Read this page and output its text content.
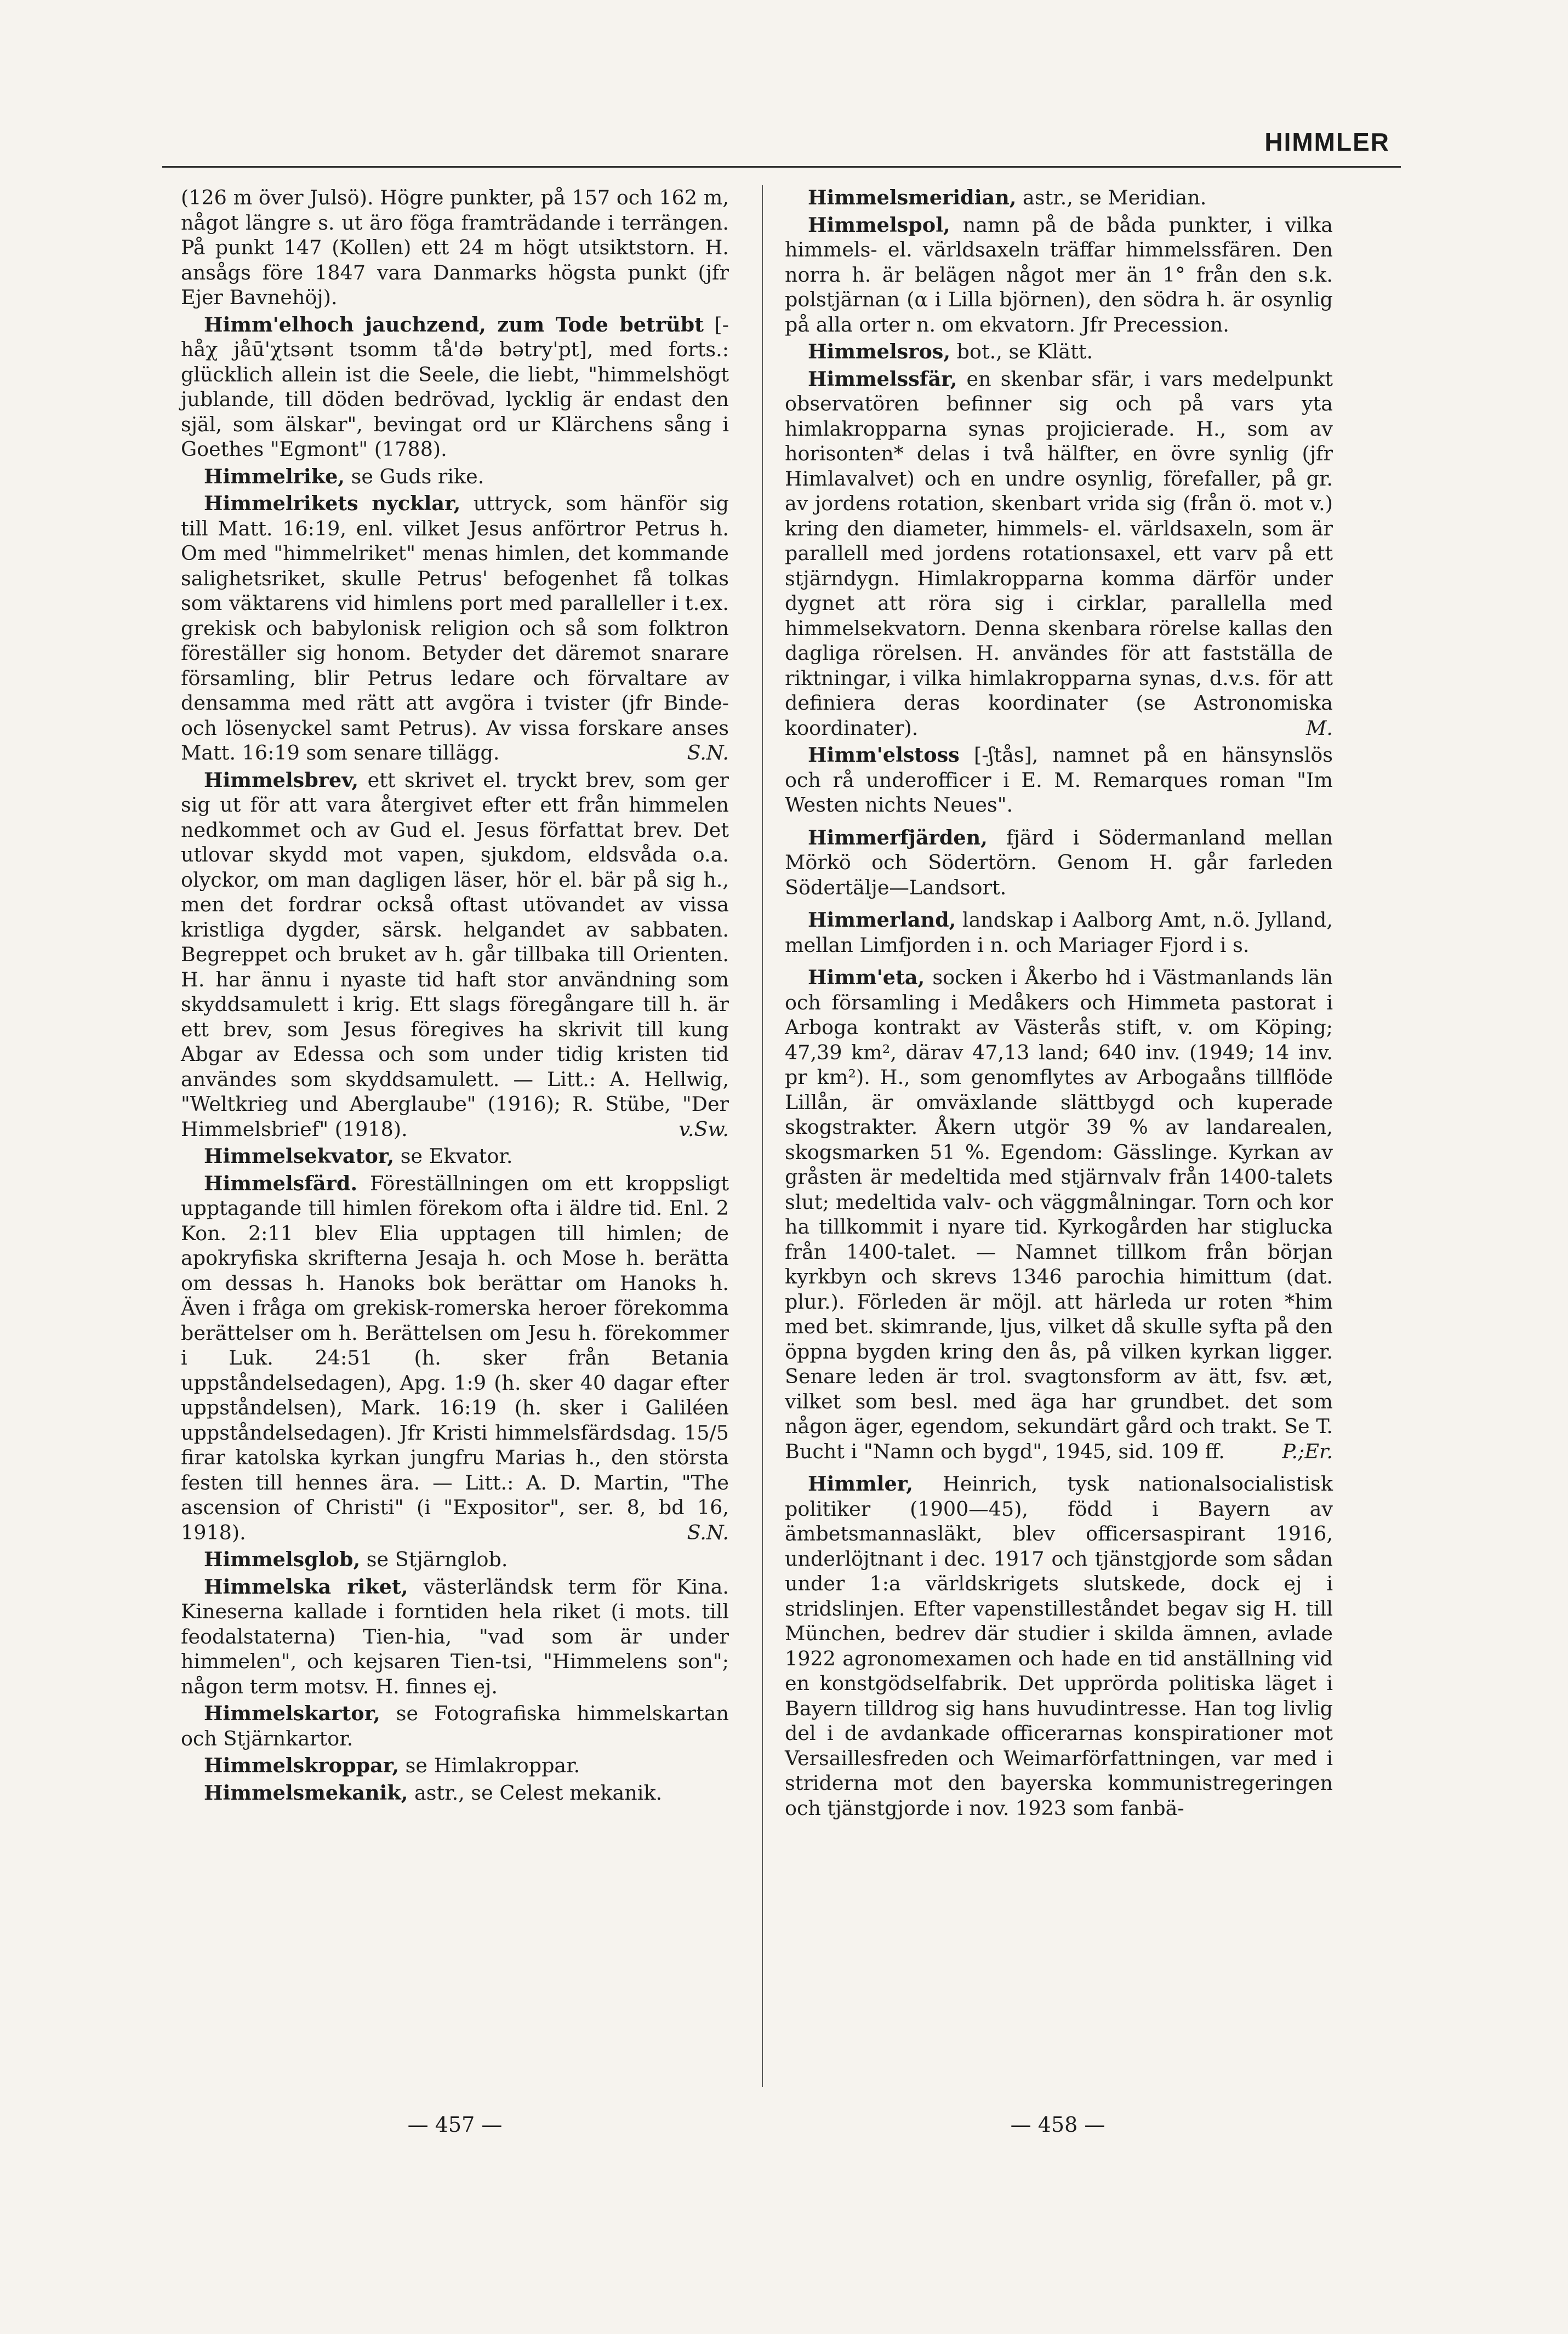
HIMMLER

(126 m över Julsö). Högre punkter, på 157 och 162 m, något längre s. ut äro föga framträdande i terrängen. På punkt 147 (Kollen) ett 24 m högt utsiktstorn. H. ansågs före 1847 vara Danmarks högsta punkt (jfr Ejer Bavnehöj).

Himm'elhoch jauchzend, zum Tode betrübt [-håχ jåū'χtsənt tsomm tå'də bətry'pt], med forts.: glücklich allein ist die Seele, die liebt, "himmelshögt jublande, till döden bedrövad, lycklig är endast den själ, som älskar", bevingat ord ur Klärchens sång i Goethes "Egmont" (1788).

Himmelrike, se Guds rike.

Himmelrikets nycklar, uttryck, som hänför sig till Matt. 16:19, enl. vilket Jesus anförtror Petrus h. Om med "himmelriket" menas himlen, det kommande salighetsriket, skulle Petrus' befogenhet få tolkas som väktarens vid himlens port med paralleller i t.ex. grekisk och babylonisk religion och så som folktron föreställer sig honom. Betyder det däremot snarare församling, blir Petrus ledare och förvaltare av densamma med rätt att avgöra i tvister (jfr Binde- och lösenyckel samt Petrus). Av vissa forskare anses Matt. 16:19 som senare tillägg.	S.N.

Himmelsbrev, ett skrivet el. tryckt brev, som ger sig ut för att vara återgivet efter ett från himmelen nedkommet och av Gud el. Jesus författat brev. Det utlovar skydd mot vapen, sjukdom, eldsvåda o.a. olyckor, om man dagligen läser, hör el. bär på sig h., men det fordrar också oftast utövandet av vissa kristliga dygder, särsk. helgandet av sabbaten. Begreppet och bruket av h. går tillbaka till Orienten. H. har ännu i nyaste tid haft stor användning som skyddsamulett i krig. Ett slags föregångare till h. är ett brev, som Jesus föregives ha skrivit till kung Abgar av Edessa och som under tidig kristen tid användes som skyddsamulett. — Litt.: A. Hellwig, "Weltkrieg und Aberglaube" (1916); R. Stübe, "Der Himmelsbrief" (1918).	v.Sw.

Himmelsekvator, se Ekvator.

Himmelsfärd. Föreställningen om ett kroppsligt upptagande till himlen förekom ofta i äldre tid. Enl. 2 Kon. 2:11 blev Elia upptagen till himlen; de apokryfiska skrifterna Jesaja h. och Mose h. berätta om dessas h. Hanoks bok berättar om Hanoks h. Även i fråga om grekisk-romerska heroer förekomma berättelser om h. Berättelsen om Jesu h. förekommer i Luk. 24:51 (h. sker från Betania uppståndelsedagen), Apg. 1:9 (h. sker 40 dagar efter uppståndelsen), Mark. 16:19 (h. sker i Galiléen uppståndelsedagen). Jfr Kristi himmelsfärdsdag. 15/5 firar katolska kyrkan jungfru Marias h., den största festen till hennes ära. — Litt.: A. D. Martin, "The ascension of Christi" (i "Expositor", ser. 8, bd 16, 1918).	S.N.

Himmelsglob, se Stjärnglob.

Himmelska riket, västerländsk term för Kina. Kineserna kallade i forntiden hela riket (i mots. till feodalstaterna) Tien-hia, "vad som är under himmelen", och kejsaren Tien-tsi, "Himmelens son"; någon term motsv. H. finnes ej.

Himmelskartor, se Fotografiska himmelskartan och Stjärnkartor.

Himmelskroppar, se Himlakroppar.

Himmelsmekanik, astr., se Celest mekanik.

Himmelsmeridian, astr., se Meridian.

Himmelspol, namn på de båda punkter, i vilka himmels- el. världsaxeln träffar himmelssfären. Den norra h. är belägen något mer än 1° från den s.k. polstjärnan (α i Lilla björnen), den södra h. är osynlig på alla orter n. om ekvatorn. Jfr Precession.

Himmelsros, bot., se Klätt.

Himmelssfär, en skenbar sfär, i vars medelpunkt observatören befinner sig och på vars yta himlakropparna synas projicierade. H., som av horisonten* delas i två hälfter, en övre synlig (jfr Himlavalvet) och en undre osynlig, förefaller, på gr. av jordens rotation, skenbart vrida sig (från ö. mot v.) kring den diameter, himmels- el. världsaxeln, som är parallell med jordens rotationsaxel, ett varv på ett stjärndygn. Himlakropparna komma därför under dygnet att röra sig i cirklar, parallella med himmelsekvatorn. Denna skenbara rörelse kallas den dagliga rörelsen. H. användes för att fastställa de riktningar, i vilka himlakropparna synas, d.v.s. för att definiera deras koordinater (se Astronomiska koordinater).	M.

Himm'elstoss [-ʃtås], namnet på en hänsynslös och rå underofficer i E. M. Remarques roman "Im Westen nichts Neues".

Himmerfjärden, fjärd i Södermanland mellan Mörkö och Södertörn. Genom H. går farleden Södertälje—Landsort.

Himmerland, landskap i Aalborg Amt, n.ö. Jylland, mellan Limfjorden i n. och Mariager Fjord i s.

Himm'eta, socken i Åkerbo hd i Västmanlands län och församling i Medåkers och Himmeta pastorat i Arboga kontrakt av Västerås stift, v. om Köping; 47,39 km², därav 47,13 land; 640 inv. (1949; 14 inv. pr km²). H., som genomflytes av Arbogaåns tillflöde Lillån, är omväxlande slättbygd och kuperade skogstrakter. Åkern utgör 39 % av landarealen, skogsmarken 51 %. Egendom: Gässlinge. Kyrkan av gråsten är medeltida med stjärnvalv från 1400-talets slut; medeltida valv- och väggmålningar. Torn och kor ha tillkommit i nyare tid. Kyrkogården har stiglucka från 1400-talet. — Namnet tillkom från början kyrkbyn och skrevs 1346 parochia himittum (dat. plur.). Förleden är möjl. att härleda ur roten *him med bet. skimrande, ljus, vilket då skulle syfta på den öppna bygden kring den ås, på vilken kyrkan ligger. Senare leden är trol. svagtonsform av ätt, fsv. æt, vilket som besl. med äga har grundbet. det som någon äger, egendom, sekundärt gård och trakt. Se T. Bucht i "Namn och bygd", 1945, sid. 109 ff.	P.;Er.

Himmler, Heinrich, tysk nationalsocialistisk politiker (1900—45), född i Bayern av ämbetsmannasläkt, blev officersaspirant 1916, underlöjtnant i dec. 1917 och tjänstgjorde som sådan under 1:a världskrigets slutskede, dock ej i stridslinjen. Efter vapenstilleståndet begav sig H. till München, bedrev där studier i skilda ämnen, avlade 1922 agronomexamen och hade en tid anställning vid en konstgödselfabrik. Det upprörda politiska läget i Bayern tilldrog sig hans huvudintresse. Han tog livlig del i de avdankade officerarnas konspirationer mot Versaillesfreden och Weimarförfattningen, var med i striderna mot den bayerska kommunistregeringen och tjänstgjorde i nov. 1923 som fanbä-

— 457 —	— 458 —
